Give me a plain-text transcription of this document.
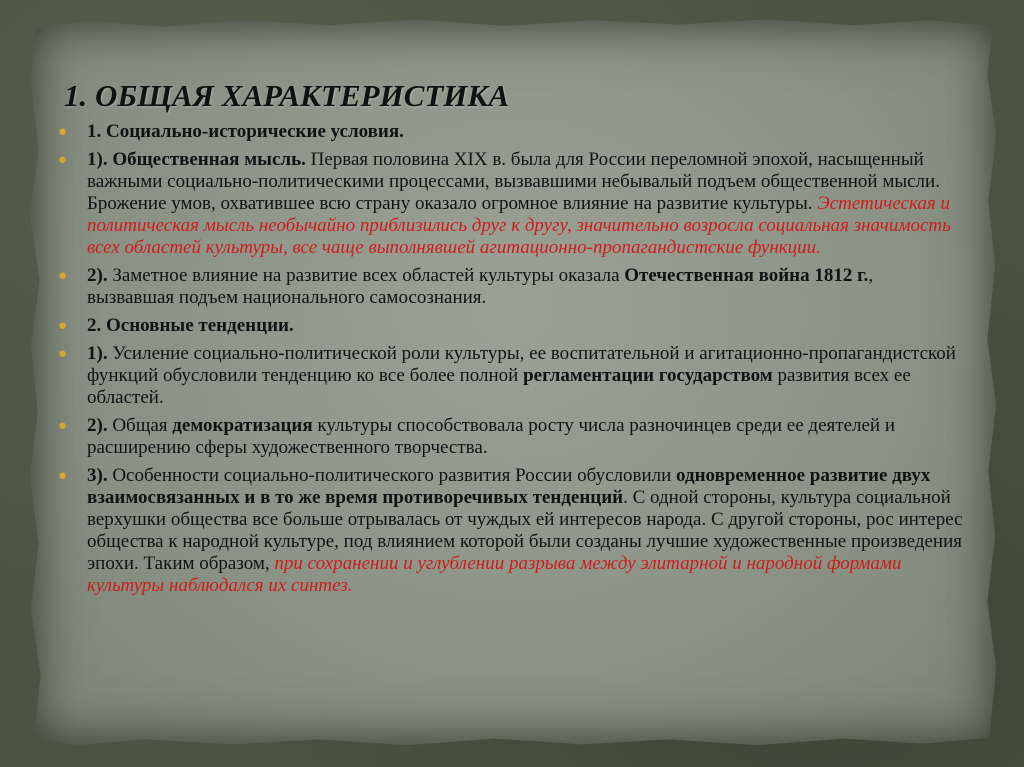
1. ОБЩАЯ ХАРАКТЕРИСТИКА
● 1. Социально-исторические условия.
● 1). Общественная мысль. Первая половина XIX в. была для России переломной эпохой, насыщенный важными социально-политическими процессами, вызвавшими небывалый подъем общественной мысли. Брожение умов, охватившее всю страну оказало огромное влияние на развитие культуры. Эстетическая и политическая мысль необычайно приблизились друг к другу, значительно возросла социальная значимость всех областей культуры, все чаще выполнявшей агитационно-пропагандистские функции.
● 2). Заметное влияние на развитие всех областей культуры оказала Отечественная война 1812 г., вызвавшая подъем национального самосознания.
● 2. Основные тенденции.
● 1). Усиление социально-политической роли культуры, ее воспитательной и агитационно-пропагандистской функций обусловили тенденцию ко все более полной регламентации государством развития всех ее областей.
● 2). Общая демократизация культуры способствовала росту числа разночинцев среди ее деятелей и расширению сферы художественного творчества.
● 3). Особенности социально-политического развития России обусловили одновременное развитие двух взаимосвязанных и в то же время противоречивых тенденций. С одной стороны, культура социальной верхушки общества все больше отрывалась от чуждых ей интересов народа. С другой стороны, рос интерес общества к народной культуре, под влиянием которой были созданы лучшие художественные произведения эпохи. Таким образом, при сохранении и углублении разрыва между элитарной и народной формами культуры наблюдался их синтез.
